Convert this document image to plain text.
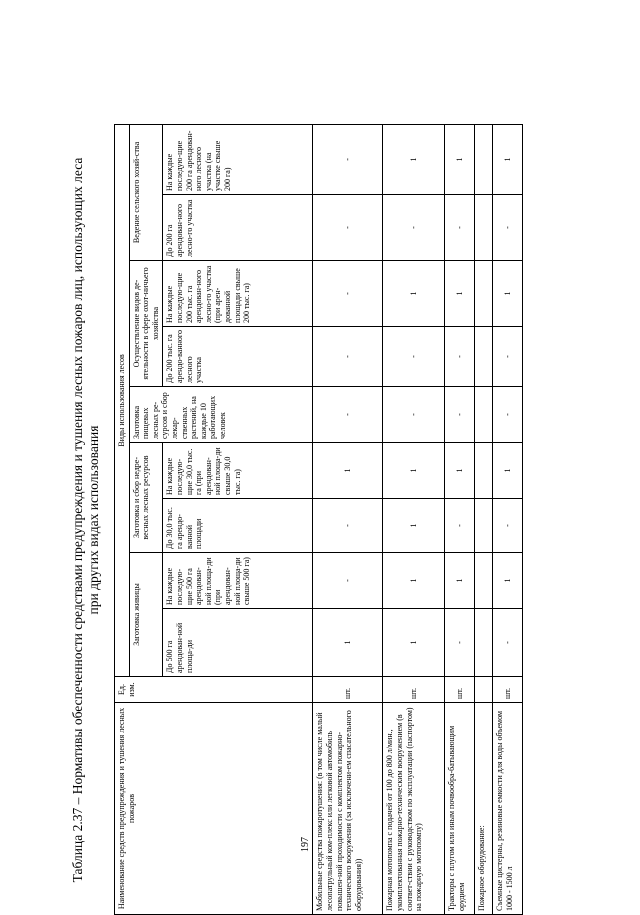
Таблица 2.37 – Нормативы обеспеченности средствами предупреждения и тушения лесных пожаров лиц, использующих леса при других видах использования
Наименование средств предупреждения и тушения лесных пожаров	Ед. изм.	Виды использования лесов								
		Заготовка живицы		Заготовка и сбор недре-весных лесных ресурсов		Заготовка пищевых лесных ре-сурсов и сбор лекар-ственных растений, на каждые 10 работающих человек	Осуществление видов де-ятельности в сфере охот-ничьего хозяйства		Ведение сельского хозяй-ства	
		До 500 га арендован-ной площа-ди	На каждые последую-щие 500 га арендован-ной площа-ди (при арендован-ной площа-ди свыше 500 га)	До 30,0 тыс. га арендо-ванной площади	На каждые последую-щие 30,0 тыс. га (при арендован-ной площа-ди свыше 30,0 тыс. га)		До 200 тыс. га арендо-ванного лесного участка	На каждые последую-щие 200 тыс. га арендован-ного лесно-го участка (при арен-дованной площади свыше 200 тыс. га)	До 200 га арендован-ного лесно-го участка	На каждые последую-щие 200 га арендован-ного лесного участка (на участке свыше 200 га)
Мобильные средства пожаротушения: (в том числе малый лесопатрульный ком-плекс или легковой автомобиль повышен-ной проходимости с комплектом пожарно-технического вооружения (за исключени-ем спасательного оборудования))	шт.	1	-	-	1	-	-	-	-	-
Пожарная мотопомпа с подачей от 100 до 800 л/мин., укомплектованная пожарно-техническим вооружением (в соответ-ствии с руководством по эксплуатации (паспортом) на пожарную мотопомпу)	шт.	1	1	1	1	-	-	1	-	1
Тракторы с плугом или иным почвообра-батывающим орудием	шт.	-	1	-	1	-	-	1	-	1
Пожарное оборудование:										
Съемные цистерны, резиновые емкости для воды объемом 1000 - 1500 л	шт.	-	1	-	1	-	-	1	-	1
197
